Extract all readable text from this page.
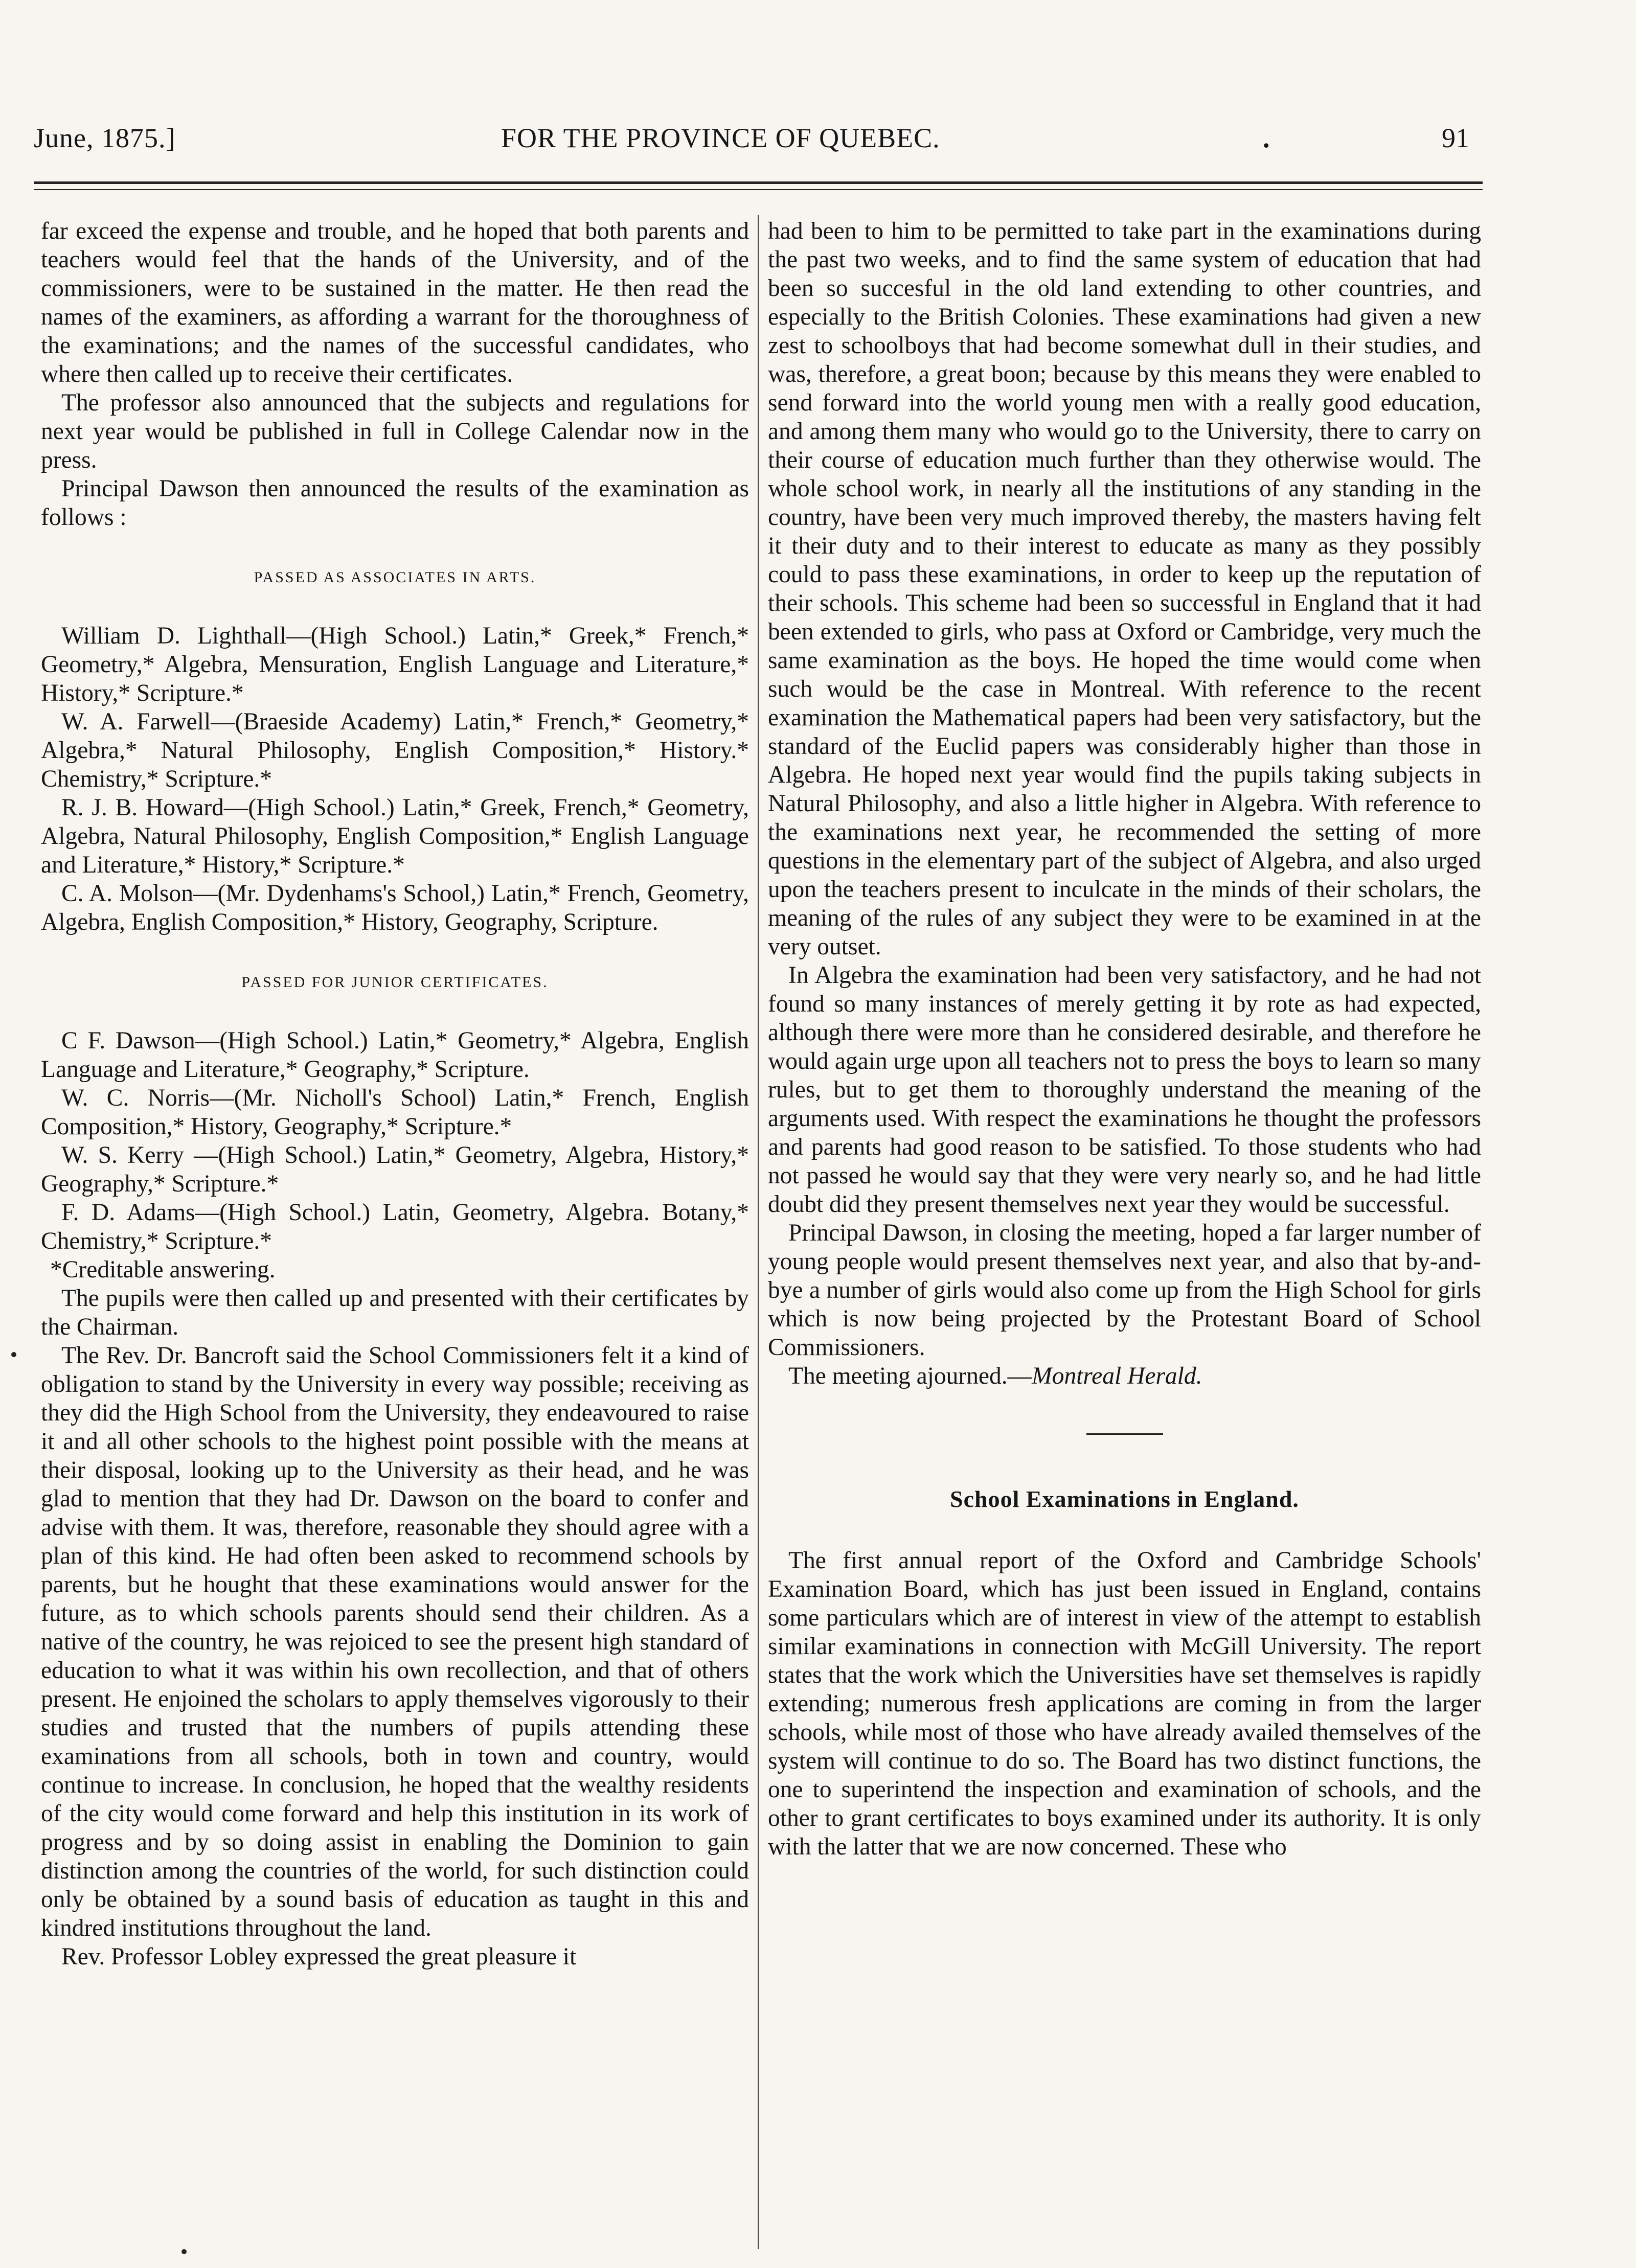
June, 1875.]	FOR THE PROVINCE OF QUEBEC.	.	91

far exceed the expense and trouble, and he hoped that both parents and teachers would feel that the hands of the University, and of the commissioners, were to be sustained in the matter. He then read the names of the examiners, as affording a warrant for the thoroughness of the examinations; and the names of the successful candidates, who where then called up to receive their certificates.

The professor also announced that the subjects and regulations for next year would be published in full in College Calendar now in the press.

Principal Dawson then announced the results of the examination as follows :

PASSED AS ASSOCIATES IN ARTS.

William D. Lighthall—(High School.) Latin,* Greek,* French,* Geometry,* Algebra, Mensuration, English Language and Literature,* History,* Scripture.*

W. A. Farwell—(Braeside Academy) Latin,* French,* Geometry,* Algebra,* Natural Philosophy, English Composition,* History.* Chemistry,* Scripture.*

R. J. B. Howard—(High School.) Latin,* Greek, French,* Geometry, Algebra, Natural Philosophy, English Composition,* English Language and Literature,* History,* Scripture.*

C. A. Molson—(Mr. Dydenhams's School,) Latin,* French, Geometry, Algebra, English Composition,* History, Geography, Scripture.

PASSED FOR JUNIOR CERTIFICATES.

C F. Dawson—(High School.) Latin,* Geometry,* Algebra, English Language and Literature,* Geography,* Scripture.

W. C. Norris—(Mr. Nicholl's School) Latin,* French, English Composition,* History, Geography,* Scripture.*

W. S. Kerry —(High School.) Latin,* Geometry, Algebra, History,* Geography,* Scripture.*

F. D. Adams—(High School.) Latin, Geometry, Algebra. Botany,* Chemistry,* Scripture.*

*Creditable answering.

The pupils were then called up and presented with their certificates by the Chairman.

The Rev. Dr. Bancroft said the School Commissioners felt it a kind of obligation to stand by the University in every way possible; receiving as they did the High School from the University, they endeavoured to raise it and all other schools to the highest point possible with the means at their disposal, looking up to the University as their head, and he was glad to mention that they had Dr. Dawson on the board to confer and advise with them. It was, therefore, reasonable they should agree with a plan of this kind. He had often been asked to recommend schools by parents, but he hought that these examinations would answer for the future, as to which schools parents should send their children. As a native of the country, he was rejoiced to see the present high standard of education to what it was within his own recollection, and that of others present. He enjoined the scholars to apply themselves vigorously to their studies and trusted that the numbers of pupils attending these examinations from all schools, both in town and country, would continue to increase. In conclusion, he hoped that the wealthy residents of the city would come forward and help this institution in its work of progress and by so doing assist in enabling the Dominion to gain distinction among the countries of the world, for such distinction could only be obtained by a sound basis of education as taught in this and kindred institutions throughout the land.

Rev. Professor Lobley expressed the great pleasure it

had been to him to be permitted to take part in the examinations during the past two weeks, and to find the same system of education that had been so succesful in the old land extending to other countries, and especially to the British Colonies. These examinations had given a new zest to schoolboys that had become somewhat dull in their studies, and was, therefore, a great boon; because by this means they were enabled to send forward into the world young men with a really good education, and among them many who would go to the University, there to carry on their course of education much further than they otherwise would. The whole school work, in nearly all the institutions of any standing in the country, have been very much improved thereby, the masters having felt it their duty and to their interest to educate as many as they possibly could to pass these examinations, in order to keep up the reputation of their schools. This scheme had been so successful in England that it had been extended to girls, who pass at Oxford or Cambridge, very much the same examination as the boys. He hoped the time would come when such would be the case in Montreal. With reference to the recent examination the Mathematical papers had been very satisfactory, but the standard of the Euclid papers was considerably higher than those in Algebra. He hoped next year would find the pupils taking subjects in Natural Philosophy, and also a little higher in Algebra. With reference to the examinations next year, he recommended the setting of more questions in the elementary part of the subject of Algebra, and also urged upon the teachers present to inculcate in the minds of their scholars, the meaning of the rules of any subject they were to be examined in at the very outset.

In Algebra the examination had been very satisfactory, and he had not found so many instances of merely getting it by rote as had expected, although there were more than he considered desirable, and therefore he would again urge upon all teachers not to press the boys to learn so many rules, but to get them to thoroughly understand the meaning of the arguments used. With respect the examinations he thought the professors and parents had good reason to be satisfied. To those students who had not passed he would say that they were very nearly so, and he had little doubt did they present themselves next year they would be successful.

Principal Dawson, in closing the meeting, hoped a far larger number of young people would present themselves next year, and also that by-and-bye a number of girls would also come up from the High School for girls which is now being projected by the Protestant Board of School Commissioners.

The meeting ajourned.—Montreal Herald.

School Examinations in England.

The first annual report of the Oxford and Cambridge Schools' Examination Board, which has just been issued in England, contains some particulars which are of interest in view of the attempt to establish similar examinations in connection with McGill University. The report states that the work which the Universities have set themselves is rapidly extending; numerous fresh applications are coming in from the larger schools, while most of those who have already availed themselves of the system will continue to do so. The Board has two distinct functions, the one to superintend the inspection and examination of schools, and the other to grant certificates to boys examined under its authority. It is only with the latter that we are now concerned. These who
